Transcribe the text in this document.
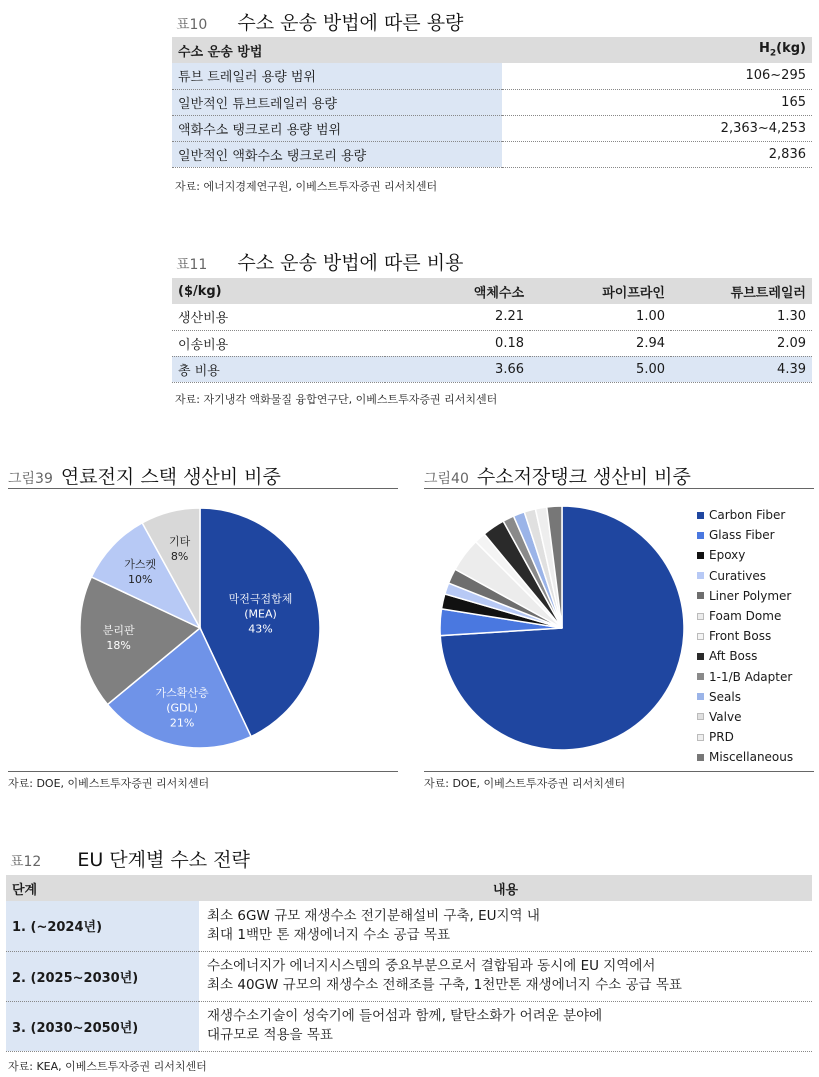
표10 수소 운송 방법에 따른 용량
수소 운송 방법	$H_2(kg)$
튜브 트레일러 용량 범위	106~295
일반적인 튜브트레일러 용량	165
액화수소 탱크로리 용량 범위	2,363~4,253
일반적인 액화수소 탱크로리 용량	2,836
자료: 에너지경제연구원, 이베스트투자증권 리서치센터
표11 수소 운송 방법에 따른 비용
($/kg)	액체수소	파이프라인	튜브트레일러
생산비용	2.21	1.00	1.30
이송비용	0.18	2.94	2.09
총 비용	3.66	5.00	4.39
자료: 자기냉각 액화물질 융합연구단, 이베스트투자증권 리서치센터
그림39 연료전지 스택 생산비 비중
막전극접합체
(MEA)
43%
가스확산층
(GDL)
21%
분리판
18%
가스켓
10%
기타
8%
자료: DOE, 이베스트투자증권 리서치센터
그림40 수소저장탱크 생산비 비중
Carbon Fiber
Glass Fiber
Epoxy
Curatives
Liner Polymer
Foam Dome
Front Boss
Aft Boss
1-1/B Adapter
Seals
Valve
PRD
Miscellaneous
자료: DOE, 이베스트투자증권 리서치센터
표12 EU 단계별 수소 전략
단계	내용
1. (~2024년)	최소 6GW 규모 재생수소 전기분해설비 구축, EU지역 내
최대 1백만 톤 재생에너지 수소 공급 목표

2. (2025~2030년)	수소에너지가 에너지시스템의 중요부분으로서 결합됨과 동시에 EU 지역에서
최소 40GW 규모의 재생수소 전해조를 구축, 1천만톤 재생에너지 수소 공급 목표

3. (2030~2050년)	재생수소기술이 성숙기에 들어섬과 함께, 탈탄소화가 어려운 분야에
대규모로 적용을 목표
자료: KEA, 이베스트투자증권 리서치센터
